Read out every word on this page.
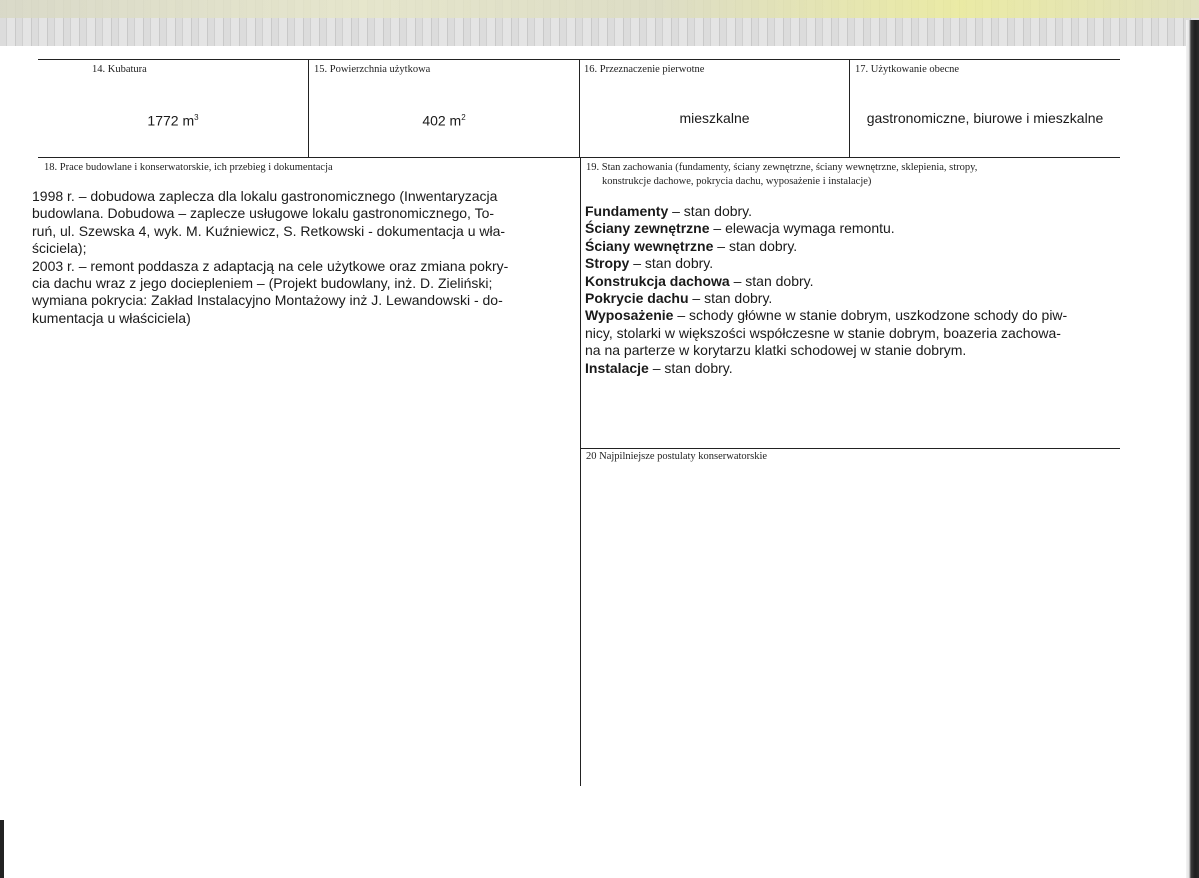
14. Kubatura
1772 $m^3$
15. Powierzchnia użytkowa
402 $m^2$
16. Przeznaczenie pierwotne
mieszkalne
17. Użytkowanie obecne
gastronomiczne, biurowe i mieszkalne
18. Prace budowlane i konserwatorskie, ich przebieg i dokumentacja

1998 r. – dobudowa zaplecza dla lokalu gastronomicznego (Inwentaryzacja

budowlana. Dobudowa – zaplecze usługowe lokalu gastronomicznego, To-

ruń, ul. Szewska 4, wyk. M. Kuźniewicz, S. Retkowski - dokumentacja u wła-

ściciela);

2003 r. – remont poddasza z adaptacją na cele użytkowe oraz zmiana pokry-

cia dachu wraz z jego dociepleniem – (Projekt budowlany, inż. D. Zieliński;

wymiana pokrycia: Zakład Instalacyjno Montażowy inż J. Lewandowski - do-

kumentacja u właściciela)

19. Stan zachowania (fundamenty, ściany zewnętrzne, ściany wewnętrzne, sklepienia, stropy,
konstrukcje dachowe, pokrycia dachu, wyposażenie i instalacje)

Fundamenty – stan dobry.

Ściany zewnętrzne – elewacja wymaga remontu.

Ściany wewnętrzne – stan dobry.

Stropy – stan dobry.

Konstrukcja dachowa – stan dobry.

Pokrycie dachu – stan dobry.

Wyposażenie – schody główne w stanie dobrym, uszkodzone schody do piw-

nicy, stolarki w większości współczesne w stanie dobrym, boazeria zachowa-

na na parterze w korytarzu klatki schodowej w stanie dobrym.

Instalacje – stan dobry.

20 Najpilniejsze postulaty konserwatorskie
